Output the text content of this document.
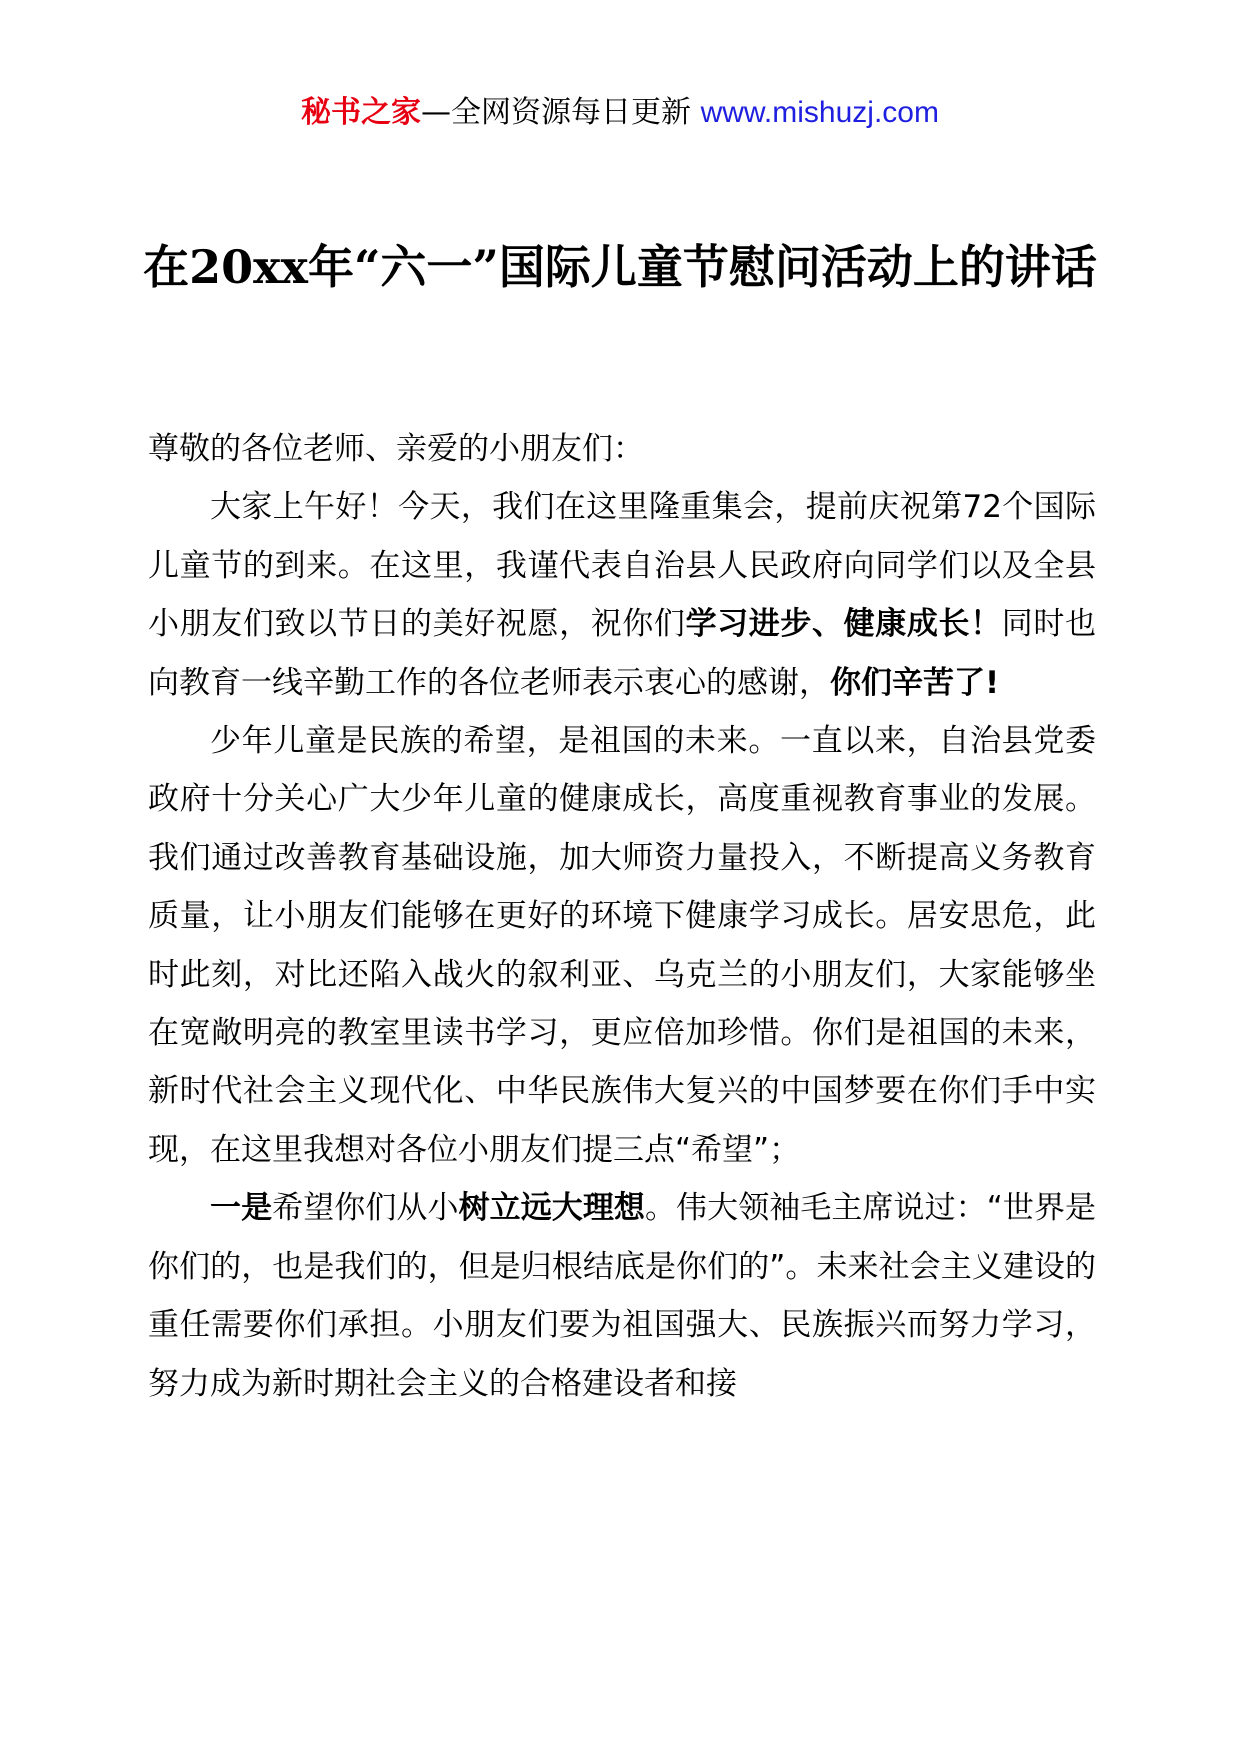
秘书之家—全网资源每日更新 www.mishuzj.com
在20xx年“六一”国际儿童节慰问活动上的讲话

尊敬的各位老师、亲爱的小朋友们：

大家上午好！今天，我们在这里隆重集会，提前庆祝第72个国际儿童节的到来。在这里，我谨代表自治县人民政府向同学们以及全县小朋友们致以节日的美好祝愿，祝你们学习进步、健康成长！同时也向教育一线辛勤工作的各位老师表示衷心的感谢，你们辛苦了!

少年儿童是民族的希望，是祖国的未来。一直以来，自治县党委政府十分关心广大少年儿童的健康成长，高度重视教育事业的发展。我们通过改善教育基础设施，加大师资力量投入，不断提高义务教育质量，让小朋友们能够在更好的环境下健康学习成长。居安思危，此时此刻，对比还陷入战火的叙利亚、乌克兰的小朋友们，大家能够坐在宽敞明亮的教室里读书学习，更应倍加珍惜。你们是祖国的未来，新时代社会主义现代化、中华民族伟大复兴的中国梦要在你们手中实现，在这里我想对各位小朋友们提三点“希望”；

一是希望你们从小树立远大理想。伟大领袖毛主席说过：“世界是你们的，也是我们的，但是归根结底是你们的”。未来社会主义建设的重任需要你们承担。小朋友们要为祖国强大、民族振兴而努力学习，努力成为新时期社会主义的合格建设者和接
